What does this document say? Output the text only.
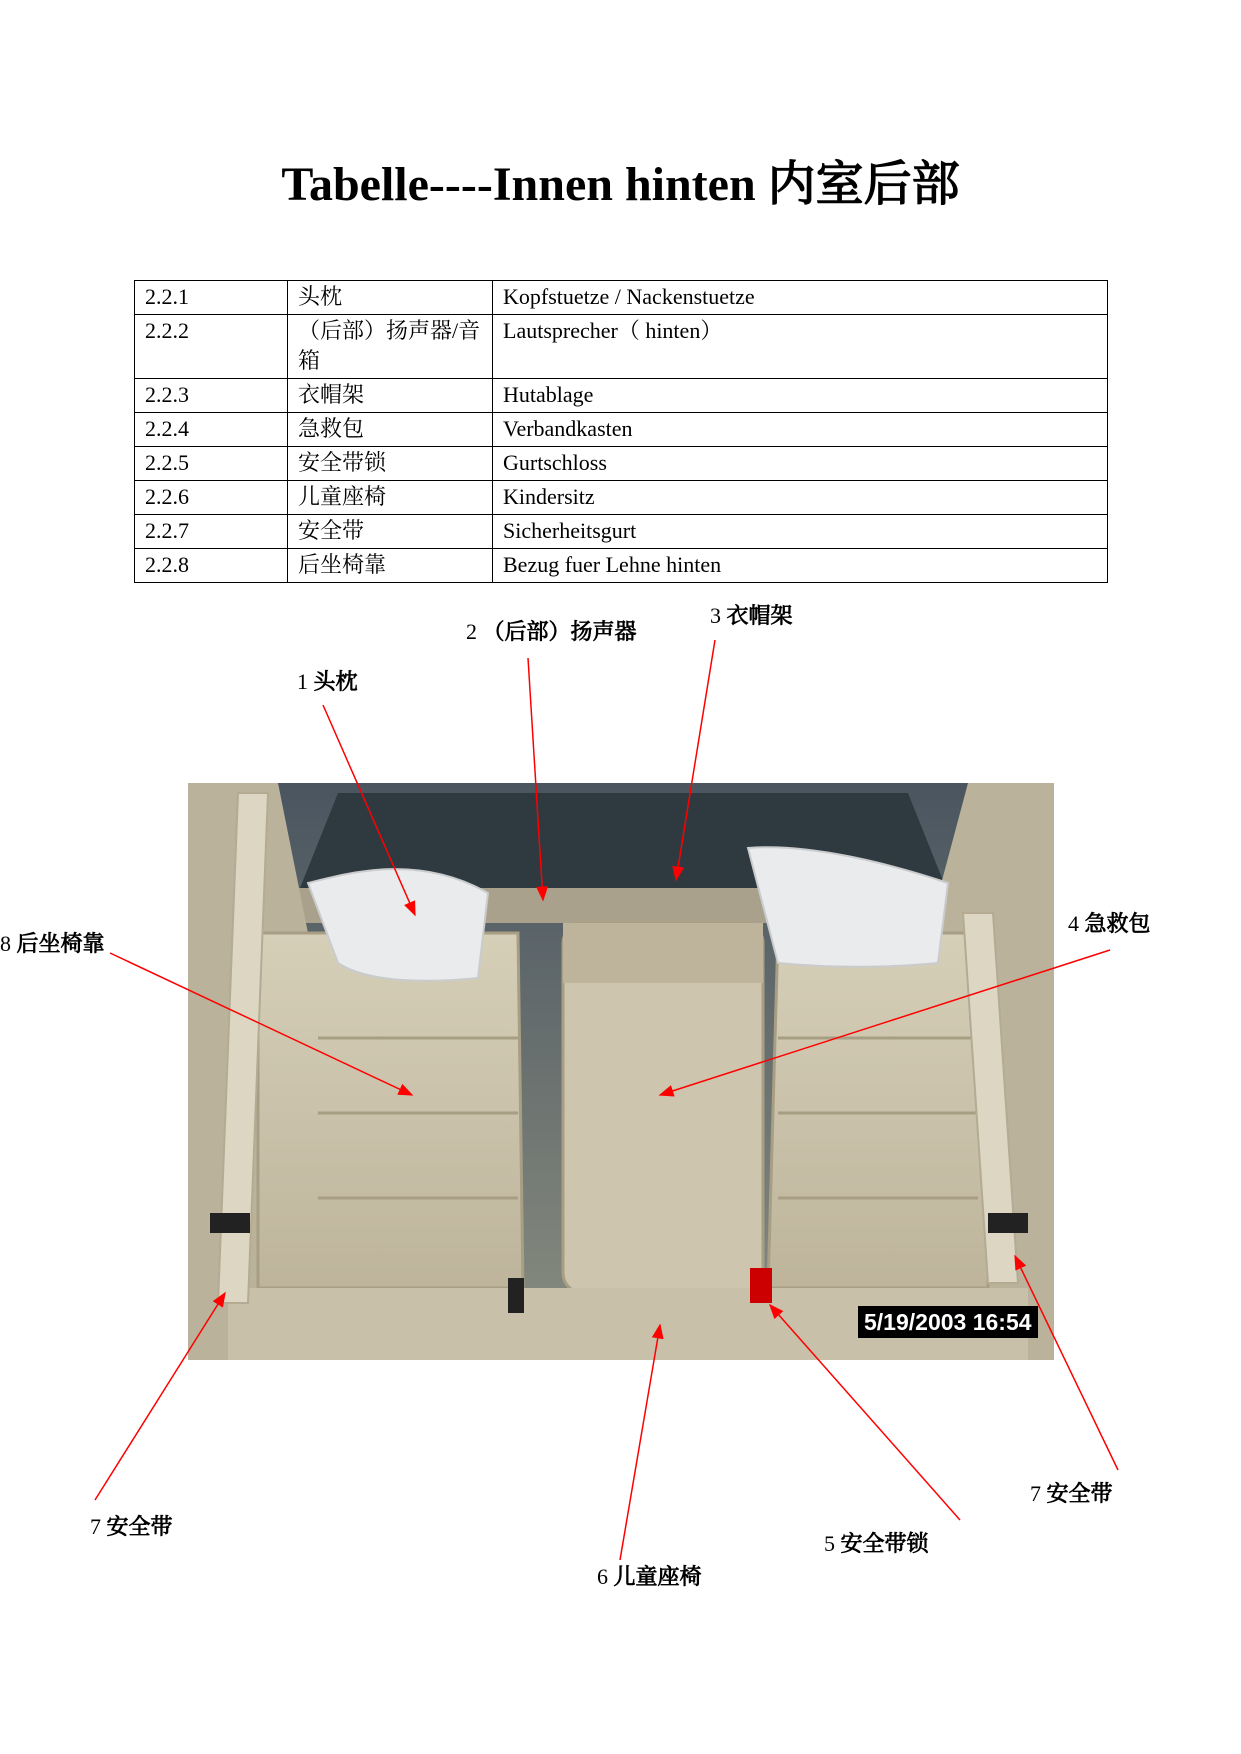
Tabelle----Innen hinten 内室后部
2.2.1	头枕	Kopfstuetze / Nackenstuetze
2.2.2	（后部）扬声器/音箱	Lautsprecher（ hinten）
2.2.3	衣帽架	Hutablage
2.2.4	急救包	Verbandkasten
2.2.5	安全带锁	Gurtschloss
2.2.6	儿童座椅	Kindersitz
2.2.7	安全带	Sicherheitsgurt
2.2.8	后坐椅靠	Bezug fuer Lehne hinten
5/19/2003 16:54
1 头枕
2 （后部）扬声器
3 衣帽架
4 急救包
5 安全带锁
6 儿童座椅
7 安全带
7 安全带
8 后坐椅靠
